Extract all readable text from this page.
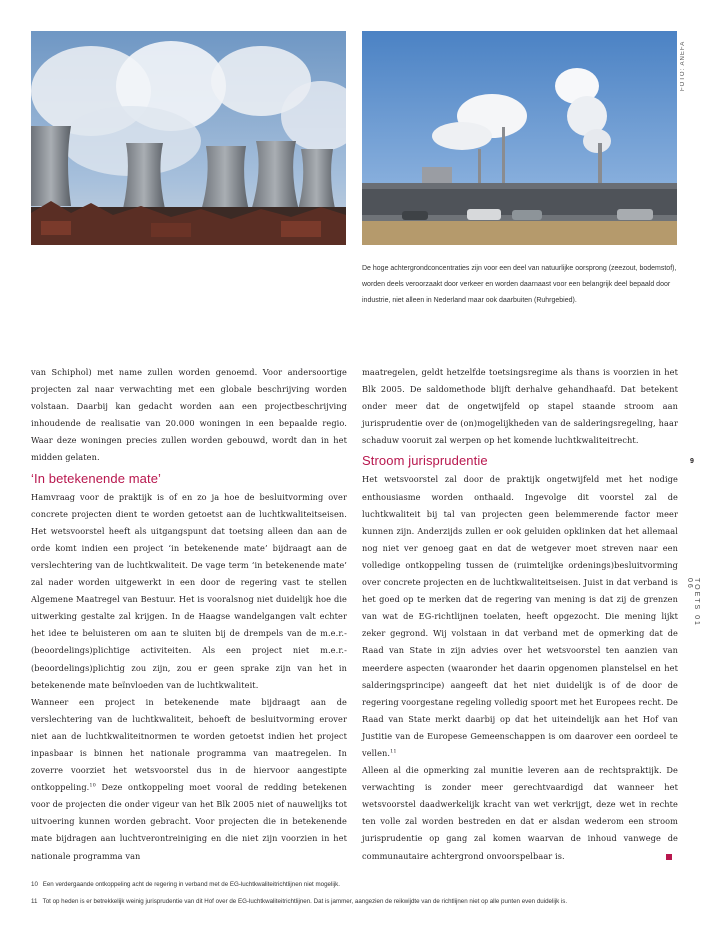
FOTO: ANEFA
De hoge achtergrondconcentraties zijn voor een deel van natuurlijke oorsprong (zeezout, bodemstof), worden deels veroorzaakt door verkeer en worden daarnaast voor een belangrijk deel bepaald door industrie, niet alleen in Nederland maar ook daarbuiten (Ruhrgebied).

van Schiphol) met name zullen worden genoemd. Voor andersoortige projecten zal naar verwachting met een globale beschrijving worden volstaan. Daarbij kan gedacht worden aan een projectbeschrijving inhoudende de realisatie van 20.000 woningen in een bepaalde regio. Waar deze woningen precies zullen worden gebouwd, wordt dan in het midden gelaten.

‘In betekenende mate’

Hamvraag voor de praktijk is of en zo ja hoe de besluitvorming over concrete projecten dient te worden getoetst aan de luchtkwaliteitseisen. Het wetsvoorstel heeft als uitgangspunt dat toetsing alleen dan aan de orde komt indien een project ‘in betekenende mate’ bijdraagt aan de verslechtering van de luchtkwaliteit. De vage term ‘in betekenende mate’ zal nader worden uitgewerkt in een door de regering vast te stellen Algemene Maatregel van Bestuur. Het is vooralsnog niet duidelijk hoe die uitwerking gestalte zal krijgen. In de Haagse wandelgangen valt echter het idee te beluisteren om aan te sluiten bij de drempels van de m.e.r.-(beoordelings)plichtige activiteiten. Als een project niet m.e.r.-(beoordelings)plichtig zou zijn, zou er geen sprake zijn van het in betekenende mate beïnvloeden van de luchtkwaliteit.

Wanneer een project in betekenende mate bijdraagt aan de verslechtering van de luchtkwaliteit, behoeft de besluitvorming erover niet aan de luchtkwaliteitnormen te worden getoetst indien het project inpasbaar is binnen het nationale programma van maatregelen. In zoverre voorziet het wetsvoorstel dus in de hiervoor aangestipte ontkoppeling.$^{10}$ Deze ontkoppeling moet vooral de redding betekenen voor de projecten die onder vigeur van het Blk 2005 niet of nauwelijks tot uitvoering kunnen worden gebracht. Voor projecten die in betekenende mate bijdragen aan luchtverontreiniging en die niet zijn voorzien in het nationale programma van

maatregelen, geldt hetzelfde toetsingsregime als thans is voorzien in het Blk 2005. De saldomethode blijft derhalve gehandhaafd. Dat betekent onder meer dat de ongetwijfeld op stapel staande stroom aan jurisprudentie over de (on)mogelijkheden van de salderingsregeling, haar schaduw vooruit zal werpen op het komende luchtkwaliteitrecht.

Stroom jurisprudentie

Het wetsvoorstel zal door de praktijk ongetwijfeld met het nodige enthousiasme worden onthaald. Ingevolge dit voorstel zal de luchtkwaliteit bij tal van projecten geen belemmerende factor meer kunnen zijn. Anderzijds zullen er ook geluiden opklinken dat het allemaal nog niet ver genoeg gaat en dat de wetgever moet streven naar een volledige ontkoppeling tussen de (ruimtelijke ordenings)besluitvorming over concrete projecten en de luchtkwaliteitseisen. Juist in dat verband is het goed op te merken dat de regering van mening is dat zij de grenzen van wat de EG-richtlijnen toelaten, heeft opgezocht. Die mening lijkt zeker gegrond. Wij volstaan in dat verband met de opmerking dat de Raad van State in zijn advies over het wetsvoorstel ten aanzien van meerdere aspecten (waaronder het daarin opgenomen planstelsel en het salderingsprincipe) aangeeft dat het niet duidelijk is of de door de regering voorgestane regeling volledig spoort met het Europees recht. De Raad van State merkt daarbij op dat het uiteindelijk aan het Hof van Justitie van de Europese Gemeenschappen is om daarover een oordeel te vellen.$^{11}$

Alleen al die opmerking zal munitie leveren aan de rechtspraktijk. De verwachting is zonder meer gerechtvaardigd dat wanneer het wetsvoorstel daadwerkelijk kracht van wet verkrijgt, deze wet in rechte ten volle zal worden bestreden en dat er alsdan wederom een stroom jurisprudentie op gang zal komen waarvan de inhoud vanwege de communautaire achtergrond onvoorspelbaar is.

9
TOETS 01 06
10 Een verdergaande ontkoppeling acht de regering in verband met de EG-luchtkwaliteitrichtlijnen niet mogelijk.
11 Tot op heden is er betrekkelijk weinig jurisprudentie van dit Hof over de EG-luchtkwaliteitrichtlijnen. Dat is jammer, aangezien de reikwijdte van de richtlijnen niet op alle punten even duidelijk is.
